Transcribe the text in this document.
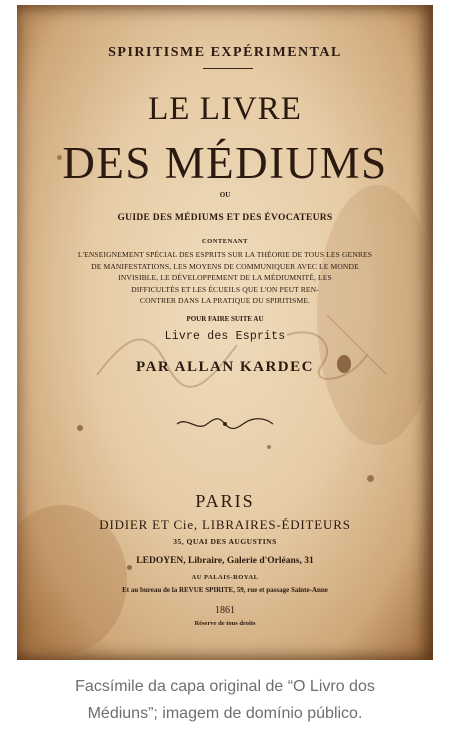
SPIRITISME EXPÉRIMENTAL
LE LIVRE
DES MÉDIUMS
OU
GUIDE DES MÉDIUMS ET DES ÉVOCATEURS
CONTENANT
L'ENSEIGNEMENT SPÉCIAL DES ESPRITS SUR LA THÉORIE DE TOUS LES GENRES
DE MANIFESTATIONS, LES MOYENS DE COMMUNIQUER AVEC LE MONDE
INVISIBLE, LE DÉVELOPPEMENT DE LA MÉDIUMNITÉ, LES
DIFFICULTÉS ET LES ÉCUEILS QUE L'ON PEUT REN-
CONTRER DANS LA PRATIQUE DU SPIRITISME.
POUR FAIRE SUITE AU
Livre des Esprits
PAR ALLAN KARDEC
PARIS
DIDIER ET Cie, LIBRAIRES-ÉDITEURS
35, QUAI DES AUGUSTINS
LEDOYEN, Libraire, Galerie d'Orléans, 31
AU PALAIS-ROYAL
Et au bureau de la REVUE SPIRITE, 59, rue et passage Sainte-Anne
1861
Réserve de tous droits
Facsímile da capa original de “O Livro dos
Médiuns”; imagem de domínio público.
